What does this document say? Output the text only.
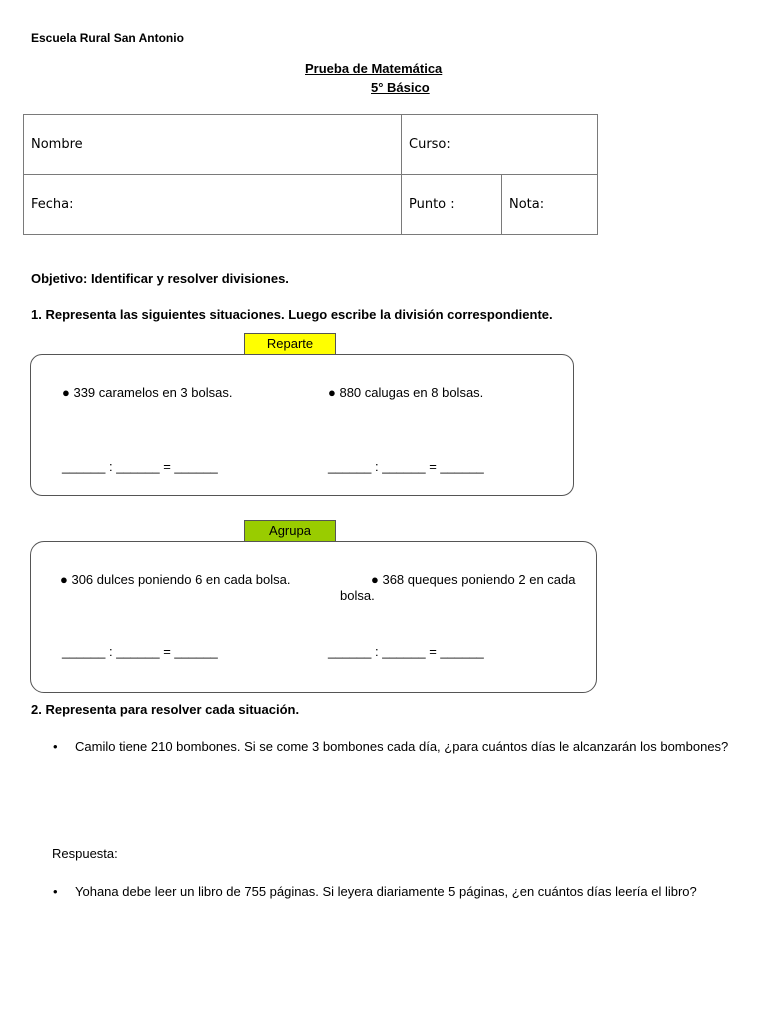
Escuela Rural San Antonio
Prueba de Matemática
5° Básico
Nombre	Curso:	
Fecha:	Punto :	Nota:
Objetivo: Identificar y resolver divisiones.
1. Representa las siguientes situaciones. Luego escribe la división correspondiente.
Reparte
● 339 caramelos en 3 bolsas.	● 880 calugas en 8 bolsas.
______ : ______ = ______	______ : ______ = ______
Agrupa
● 306 dulces poniendo 6 en cada bolsa.	● 368 queques poniendo 2 en cada bolsa.
______ : ______ = ______	______ : ______ = ______
2. Representa para resolver cada situación.
• Camilo tiene 210 bombones. Si se come 3 bombones cada día, ¿para cuántos días le alcanzarán los bombones?
Respuesta:
• Yohana debe leer un libro de 755 páginas. Si leyera diariamente 5 páginas, ¿en cuántos días leería el libro?
